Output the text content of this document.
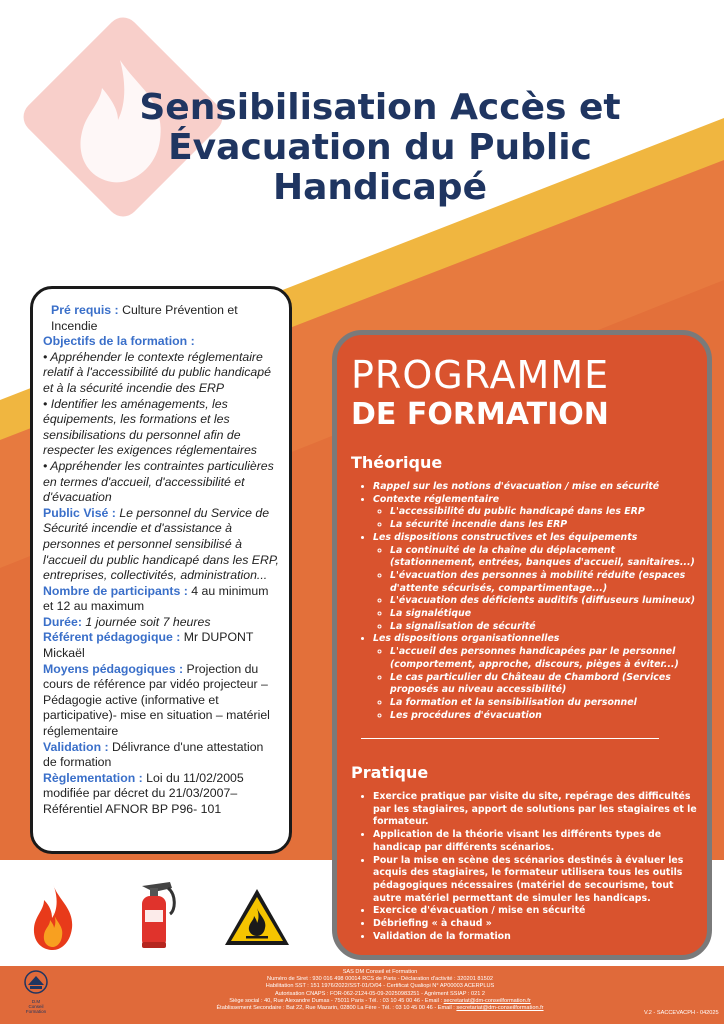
Sensibilisation Accès et
Évacuation du Public
Handicapé

Pré requis : Culture Prévention et Incendie

Objectifs de la formation :

• Appréhender le contexte réglementaire relatif à l'accessibilité du public handicapé et à la sécurité incendie des ERP

• Identifier les aménagements, les équipements, les formations et les sensibilisations du personnel afin de respecter les exigences réglementaires

• Appréhender les contraintes particulières en termes d'accueil, d'accessibilité et d'évacuation

Public Visé : Le personnel du Service de Sécurité incendie et d'assistance à personnes et personnel sensibilisé à l'accueil du public handicapé dans les ERP, entreprises, collectivités, administration...

Nombre de participants : 4 au minimum et 12 au maximum

Durée: 1 journée soit 7 heures

Référent pédagogique : Mr DUPONT Mickaël

Moyens pédagogiques : Projection du cours de référence par vidéo projecteur – Pédagogie active (informative et participative)- mise en situation – matériel réglementaire

Validation : Délivrance d'une attestation de formation

Règlementation : Loi du 11/02/2005 modifiée par décret du 21/03/2007– Référentiel AFNOR BP P96- 101

PROGRAMME
DE FORMATION
Théorique
• Rappel sur les notions d'évacuation / mise en sécurité
• Contexte réglementaire
◦ L'accessibilité du public handicapé dans les ERP
◦ La sécurité incendie dans les ERP
• Les dispositions constructives et les équipements
◦ La continuité de la chaîne du déplacement (stationnement, entrées, banques d'accueil, sanitaires...)
◦ L'évacuation des personnes à mobilité réduite (espaces d'attente sécurisés, compartimentage...)
◦ L'évacuation des déficients auditifs (diffuseurs lumineux)
◦ La signalétique
◦ La signalisation de sécurité
• Les dispositions organisationnelles
◦ L'accueil des personnes handicapées par le personnel (comportement, approche, discours, pièges à éviter...)
◦ Le cas particulier du Château de Chambord (Services proposés au niveau accessibilité)
◦ La formation et la sensibilisation du personnel
◦ Les procédures d'évacuation
Pratique
• Exercice pratique par visite du site, repérage des difficultés par les stagiaires, apport de solutions par les stagiaires et le formateur.
• Application de la théorie visant les différents types de handicap par différents scénarios.
• Pour la mise en scène des scénarios destinés à évaluer les acquis des stagiaires, le formateur utilisera tous les outils pédagogiques nécessaires (matériel de secourisme, tout autre matériel permettant de simuler les handicaps.
• Exercice d'évacuation / mise en sécurité
• Débriefing « à chaud »
• Validation de la formation
D.M
Conseil Formation
SAS DM Conseil et Formation
Numéro de Siret : 930 016 498 00014 RCS de Paris - Déclaration d'activité : 320201 81502
Habilitation SST : 151 1976/2022/SST-01/O/04 - Certificat Qualiopi N° AP00003 ACERPLUS
Autorisation CNAPS : FOR-062-2124-05-09-20250983251 - Agrément SSIAP : 021 2
Siège social : 40, Rue Alexandre Dumas - 75011 Paris - Tél. : 03 10 45 00 46 - Email : secretariat@dm-conseilformation.fr
Établissement Secondaire : Bat 22, Rue Mazarin, 02800 La Fère - Tél. : 03 10 45 00 46 - Email : secretariat@dm-conseilformation.fr
V.2 - SACCEVACPH - 042025
